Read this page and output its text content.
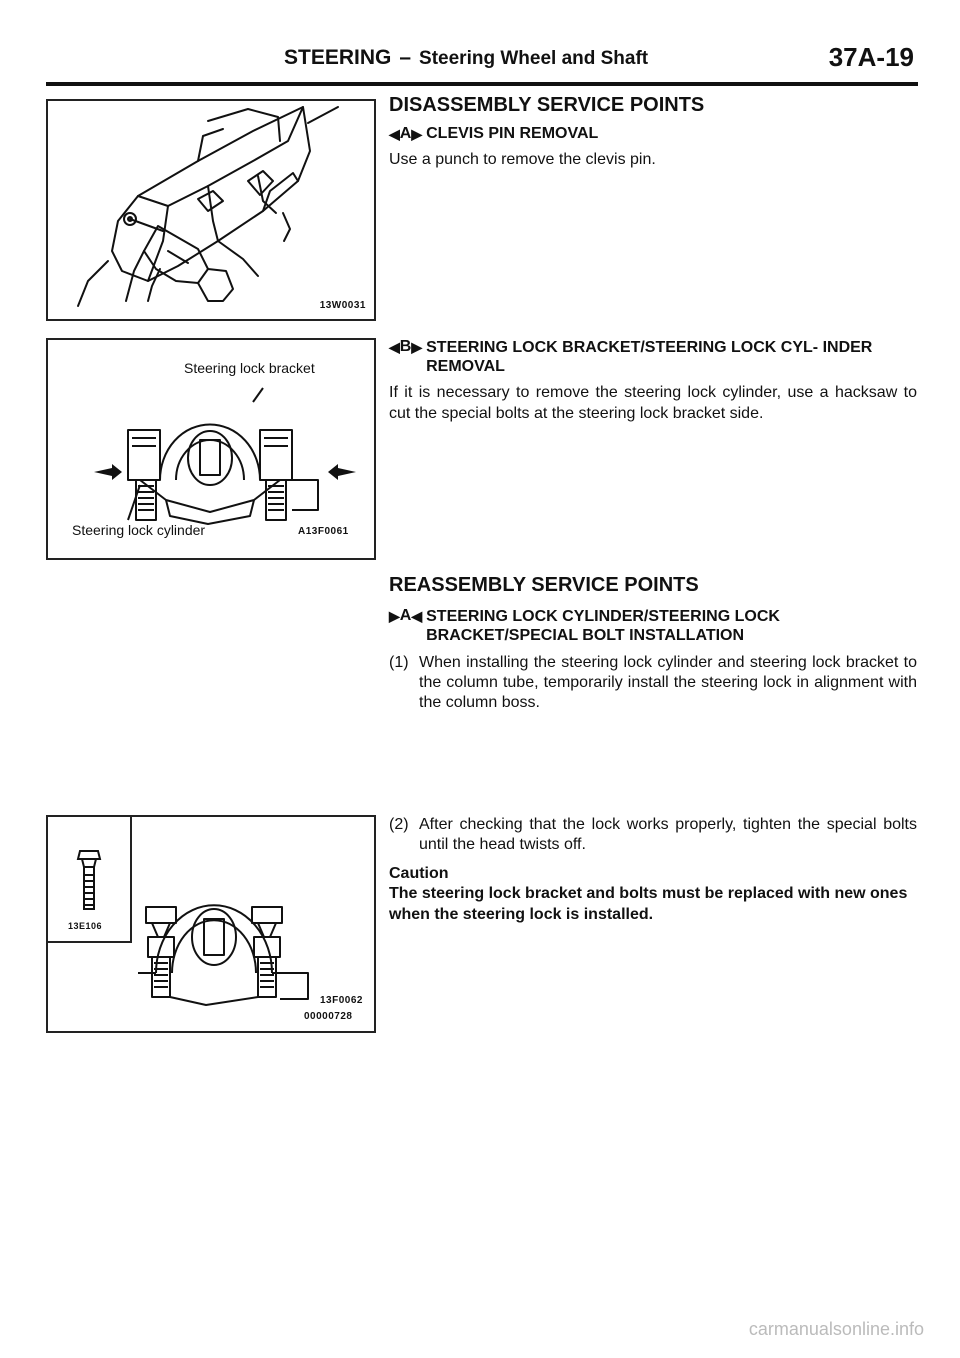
STEERING – Steering Wheel and Shaft	37A-19
13W0031
Steering lock bracket
Steering lock cylinder	A13F0061
13E106
13F0062
00000728
DISASSEMBLY SERVICE POINTS
◀ A ▶ CLEVIS PIN REMOVAL
Use a punch to remove the clevis pin.
◀ B ▶ STEERING LOCK BRACKET/STEERING LOCK CYL- INDER REMOVAL
If it is necessary to remove the steering lock cylinder, use a hacksaw to cut the special bolts at the steering lock bracket side.
REASSEMBLY SERVICE POINTS
▶ A ◀ STEERING LOCK CYLINDER/STEERING LOCK BRACKET/SPECIAL BOLT INSTALLATION
(1) When installing the steering lock cylinder and steering lock bracket to the column tube, temporarily install the steering lock in alignment with the column boss.
(2) After checking that the lock works properly, tighten the special bolts until the head twists off.
Caution
The steering lock bracket and bolts must be replaced with new ones when the steering lock is installed.
carmanualsonline.info
